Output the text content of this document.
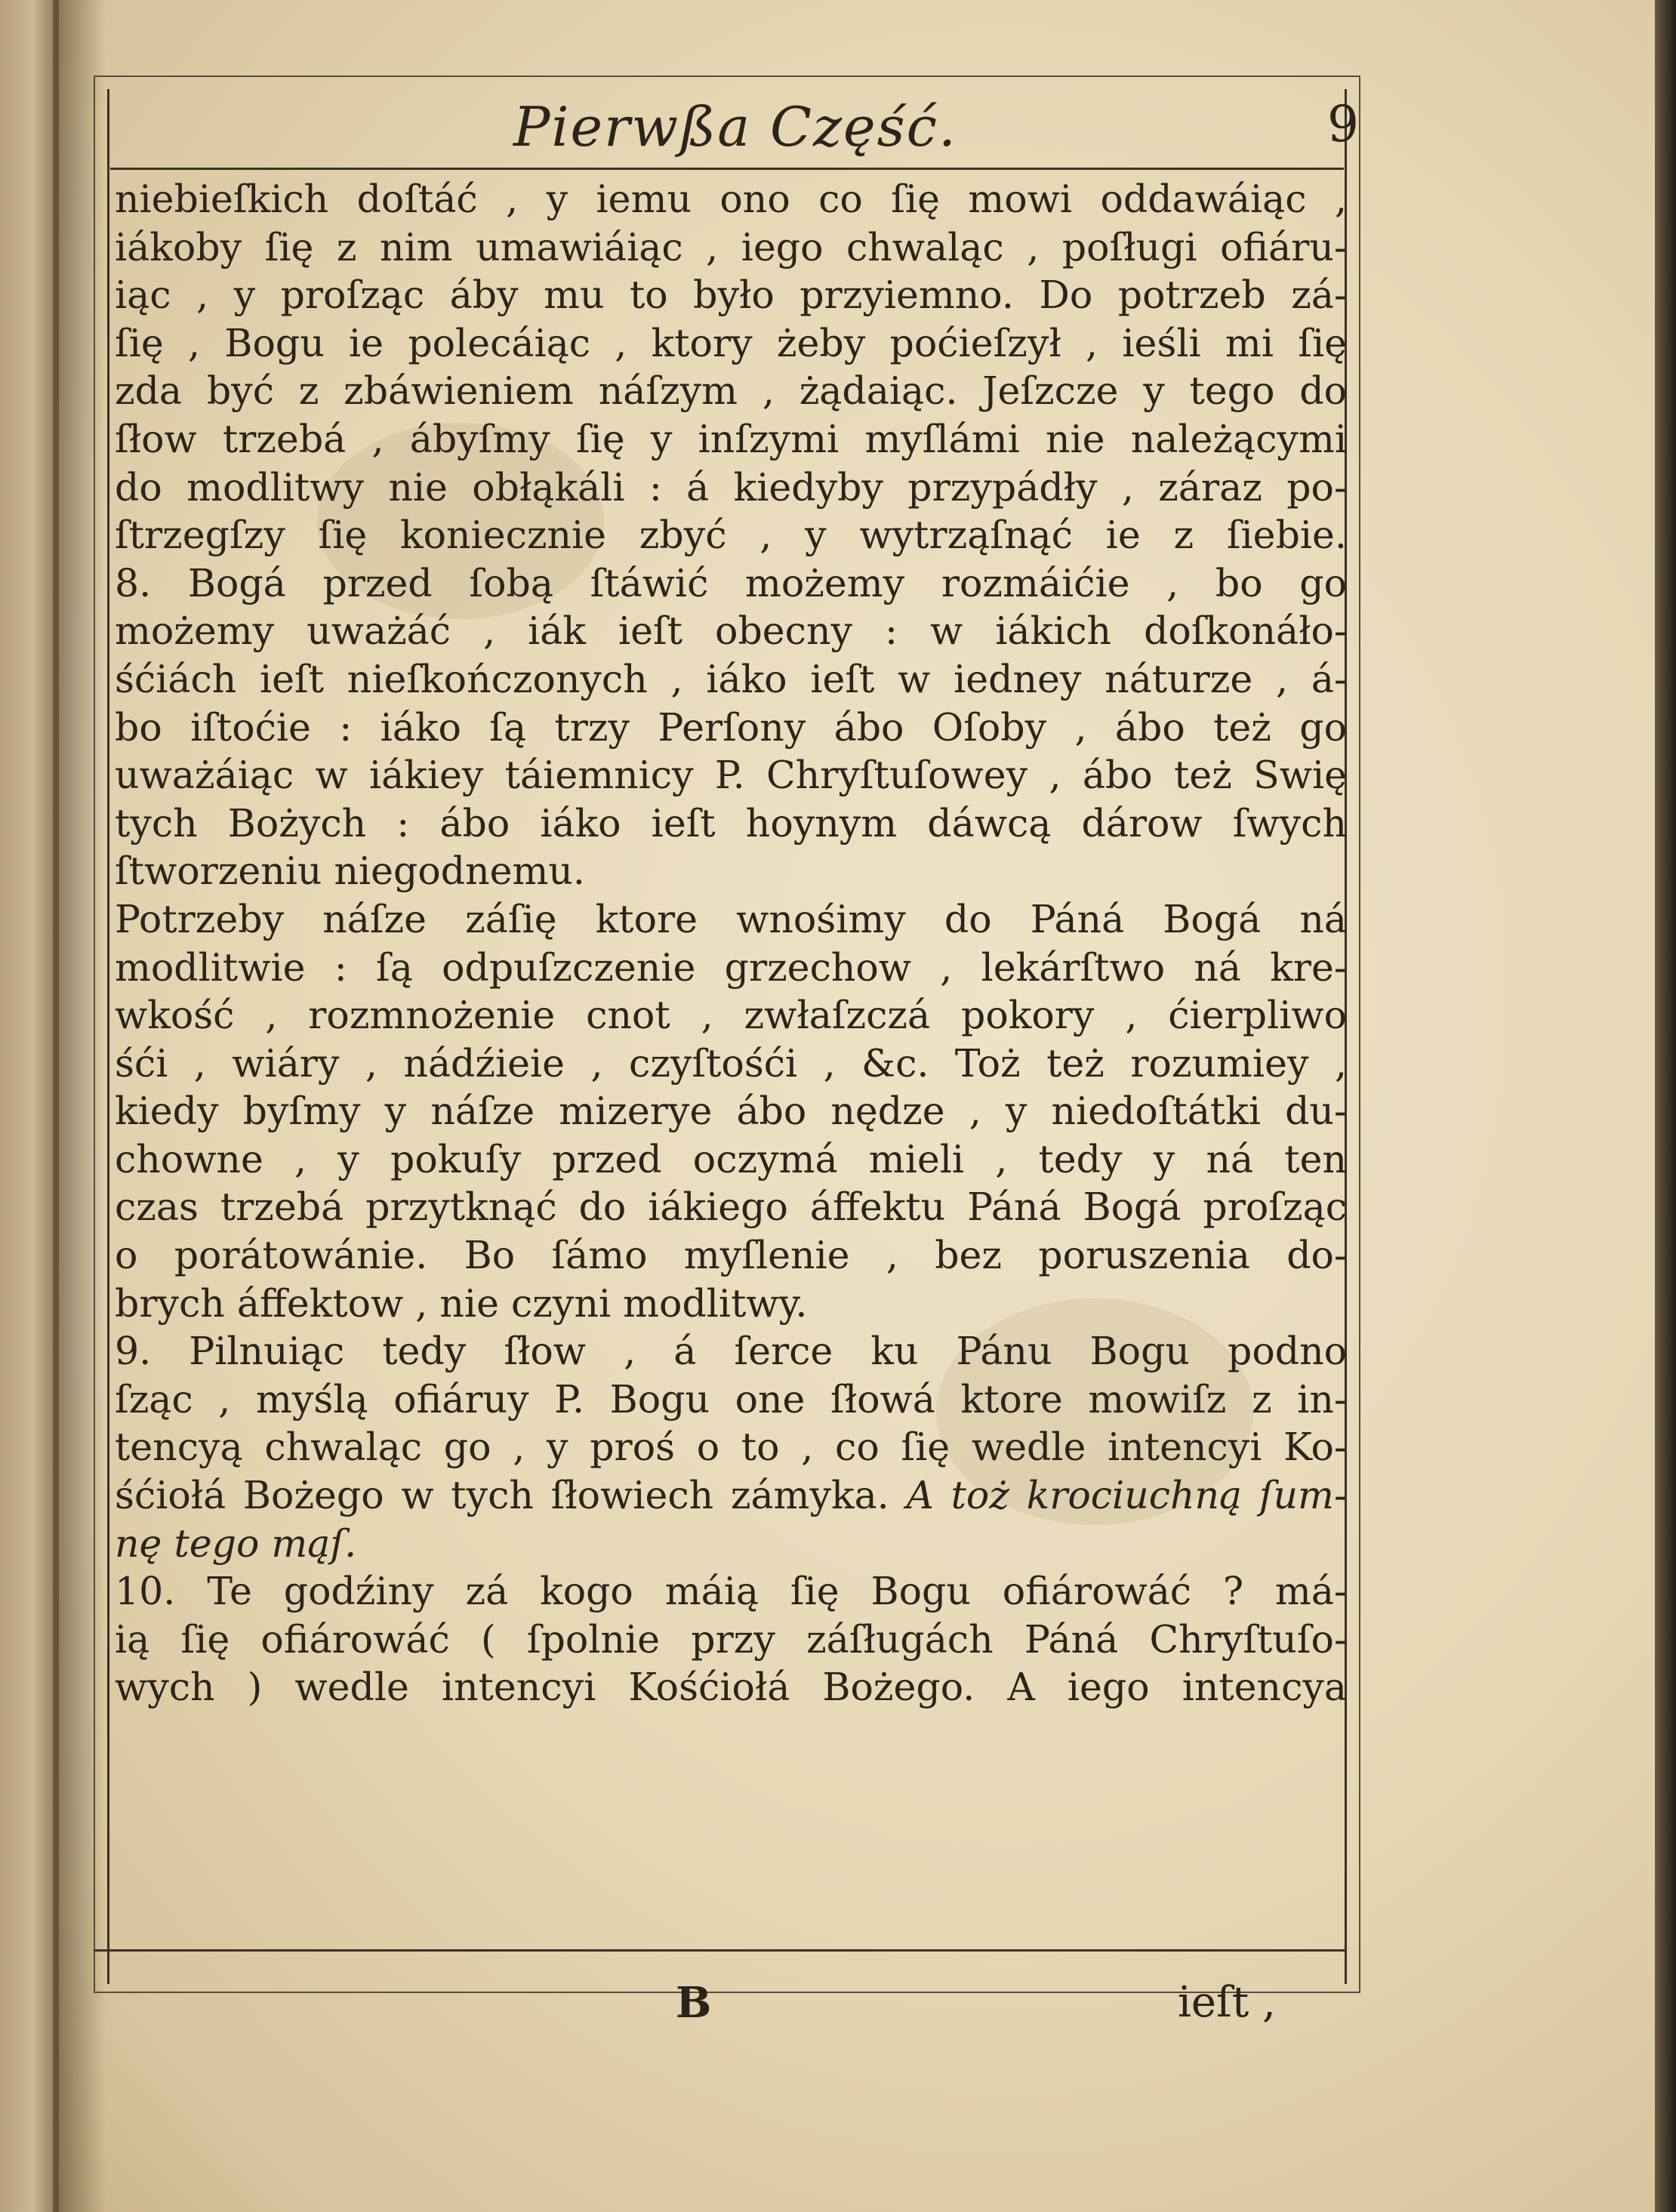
Pierwßa Część.	9
niebieſkich doſtáć , y iemu ono co ſię mowi oddawáiąc ,
iákoby ſię z nim umawiáiąc , iego chwaląc , poſługi ofiáru-
iąc , y proſząc áby mu to było przyiemno. Do potrzeb zá-
ſię , Bogu ie polecáiąc , ktory żeby poćieſzył , ieśli mi ſię
zda być z zbáwieniem náſzym , żądaiąc. Jeſzcze y tego do
ſłow trzebá , ábyſmy ſię y inſzymi myſlámi nie należącymi
do modlitwy nie obłąkáli : á kiedyby przypádły , záraz po-
ſtrzegſzy ſię koniecznie zbyć , y wytrząſnąć ie z ſiebie.
8. Bogá przed ſobą ſtáwić możemy rozmáićie , bo go
możemy uważáć , iák ieſt obecny : w iákich doſkonáło-
śćiách ieſt nieſkończonych , iáko ieſt w iedney náturze , á-
bo iſtoćie : iáko ſą trzy Perſony ábo Oſoby , ábo też go
uważáiąc w iákiey táiemnicy P. Chryſtuſowey , ábo też Swię
tych Bożych : ábo iáko ieſt hoynym dáwcą dárow ſwych
ſtworzeniu niegodnemu.
Potrzeby náſze záſię ktore wnośimy do Páná Bogá ná
modlitwie : ſą odpuſzczenie grzechow , lekárſtwo ná kre-
wkość , rozmnożenie cnot , zwłaſzczá pokory , ćierpliwo
śći , wiáry , nádźieie , czyſtośći , &c. Toż też rozumiey ,
kiedy byſmy y náſze mizerye ábo nędze , y niedoſtátki du-
chowne , y pokuſy przed oczymá mieli , tedy y ná ten
czas trzebá przytknąć do iákiego áffektu Páná Bogá proſząc
o porátowánie. Bo ſámo myſlenie , bez poruszenia do-
brych áffektow , nie czyni modlitwy.
9. Pilnuiąc tedy ſłow , á ſerce ku Pánu Bogu podno
ſząc , myślą ofiáruy P. Bogu one ſłowá ktore mowiſz z in-
tencyą chwaląc go , y proś o to , co ſię wedle intencyi Ko-
śćiołá Bożego w tych ſłowiech zámyka. A toż krociuchną ſum-
nę tego mąſ.
10. Te godźiny zá kogo máią ſię Bogu ofiárowáć ? má-
ią ſię ofiárowáć ( ſpolnie przy záſługách Páná Chryſtuſo-
wych ) wedle intencyi Kośćiołá Bożego. A iego intencya
B	ieſt ,
